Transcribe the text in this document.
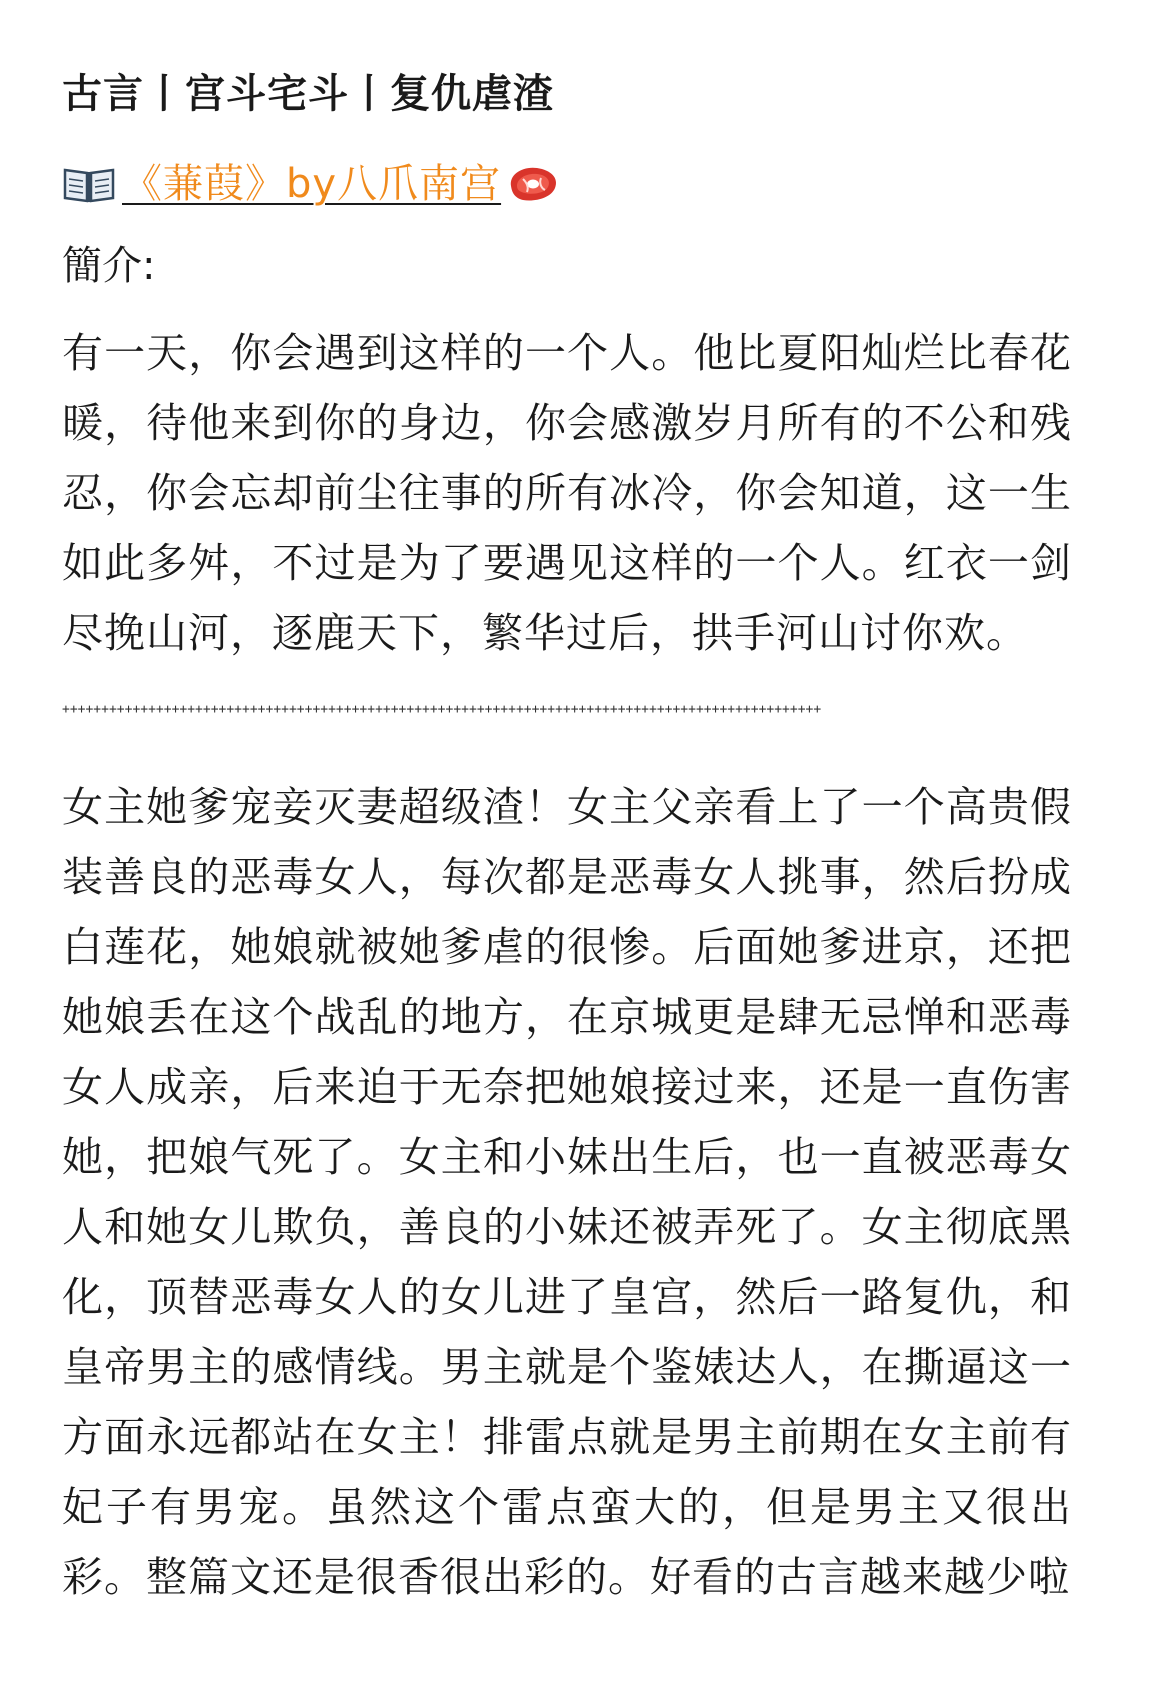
古言丨宫斗宅斗丨复仇虐渣
《蒹葭》by八爪南宫
簡介:

有一天，你会遇到这样的一个人。他比夏阳灿烂比春花暖，待他来到你的身边，你会感激岁月所有的不公和残忍，你会忘却前尘往事的所有冰冷，你会知道，这一生如此多舛，不过是为了要遇见这样的一个人。红衣一剑尽挽山河，逐鹿天下，繁华过后，拱手河山讨你欢。

+++++++++++++++++++++++++++++++++++++++++++++++++++++++++++++++++++++++++++++++++++++++++++++++++

女主她爹宠妾灭妻超级渣！女主父亲看上了一个高贵假装善良的恶毒女人，每次都是恶毒女人挑事，然后扮成白莲花，她娘就被她爹虐的很惨。后面她爹进京，还把她娘丢在这个战乱的地方，在京城更是肆无忌惮和恶毒女人成亲，后来迫于无奈把她娘接过来，还是一直伤害她，把娘气死了。女主和小妹出生后，也一直被恶毒女人和她女儿欺负，善良的小妹还被弄死了。女主彻底黑化，顶替恶毒女人的女儿进了皇宫，然后一路复仇，和皇帝男主的感情线。男主就是个鉴婊达人，在撕逼这一方面永远都站在女主！排雷点就是男主前期在女主前有妃子有男宠。虽然这个雷点蛮大的，但是男主又很出彩。整篇文还是很香很出彩的。好看的古言越来越少啦
